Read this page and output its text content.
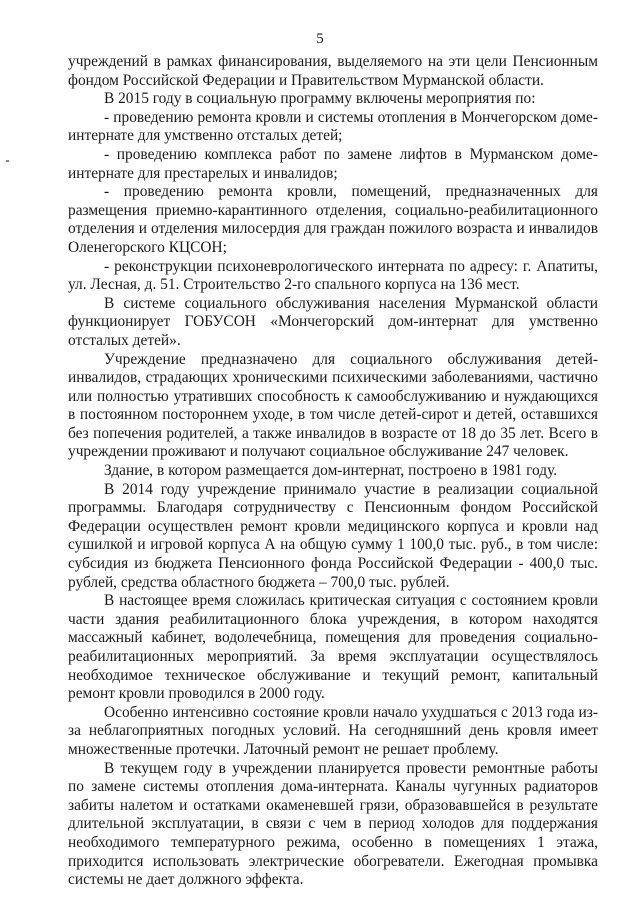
5

учреждений в рамках финансирования, выделяемого на эти цели Пенсионным фондом Российской Федерации и Правительством Мурманской области.

В 2015 году в социальную программу включены мероприятия по:

- проведению ремонта кровли и системы отопления в Мончегорском доме-интернате для умственно отсталых детей;

- проведению комплекса работ по замене лифтов в Мурманском доме-интернате для престарелых и инвалидов;

- проведению ремонта кровли, помещений, предназначенных для размещения приемно-карантинного отделения, социально-реабилитационного отделения и отделения милосердия для граждан пожилого возраста и инвалидов Оленегорского КЦСОН;

- реконструкции психоневрологического интерната по адресу: г. Апатиты, ул. Лесная, д. 51. Строительство 2-го спального корпуса на 136 мест.

В системе социального обслуживания населения Мурманской области функционирует ГОБУСОН «Мончегорский дом-интернат для умственно отсталых детей».

Учреждение предназначено для социального обслуживания детей-инвалидов, страдающих хроническими психическими заболеваниями, частично или полностью утративших способность к самообслуживанию и нуждающихся в постоянном постороннем уходе, в том числе детей-сирот и детей, оставшихся без попечения родителей, а также инвалидов в возрасте от 18 до 35 лет. Всего в учреждении проживают и получают социальное обслуживание 247 человек.

Здание, в котором размещается дом-интернат, построено в 1981 году.

В 2014 году учреждение принимало участие в реализации социальной программы. Благодаря сотрудничеству с Пенсионным фондом Российской Федерации осуществлен ремонт кровли медицинского корпуса и кровли над сушилкой и игровой корпуса А на общую сумму 1 100,0 тыс. руб., в том числе: субсидия из бюджета Пенсионного фонда Российской Федерации - 400,0 тыс. рублей, средства областного бюджета – 700,0 тыс. рублей.

В настоящее время сложилась критическая ситуация с состоянием кровли части здания реабилитационного блока учреждения, в котором находятся массажный кабинет, водолечебница, помещения для проведения социально-реабилитационных мероприятий. За время эксплуатации осуществлялось необходимое техническое обслуживание и текущий ремонт, капитальный ремонт кровли проводился в 2000 году.

Особенно интенсивно состояние кровли начало ухудшаться с 2013 года из-за неблагоприятных погодных условий. На сегодняшний день кровля имеет множественные протечки. Латочный ремонт не решает проблему.

В текущем году в учреждении планируется провести ремонтные работы по замене системы отопления дома-интерната. Каналы чугунных радиаторов забиты налетом и остатками окаменевшей грязи, образовавшейся в результате длительной эксплуатации, в связи с чем в период холодов для поддержания необходимого температурного режима, особенно в помещениях 1 этажа, приходится использовать электрические обогреватели. Ежегодная промывка системы не дает должного эффекта.
